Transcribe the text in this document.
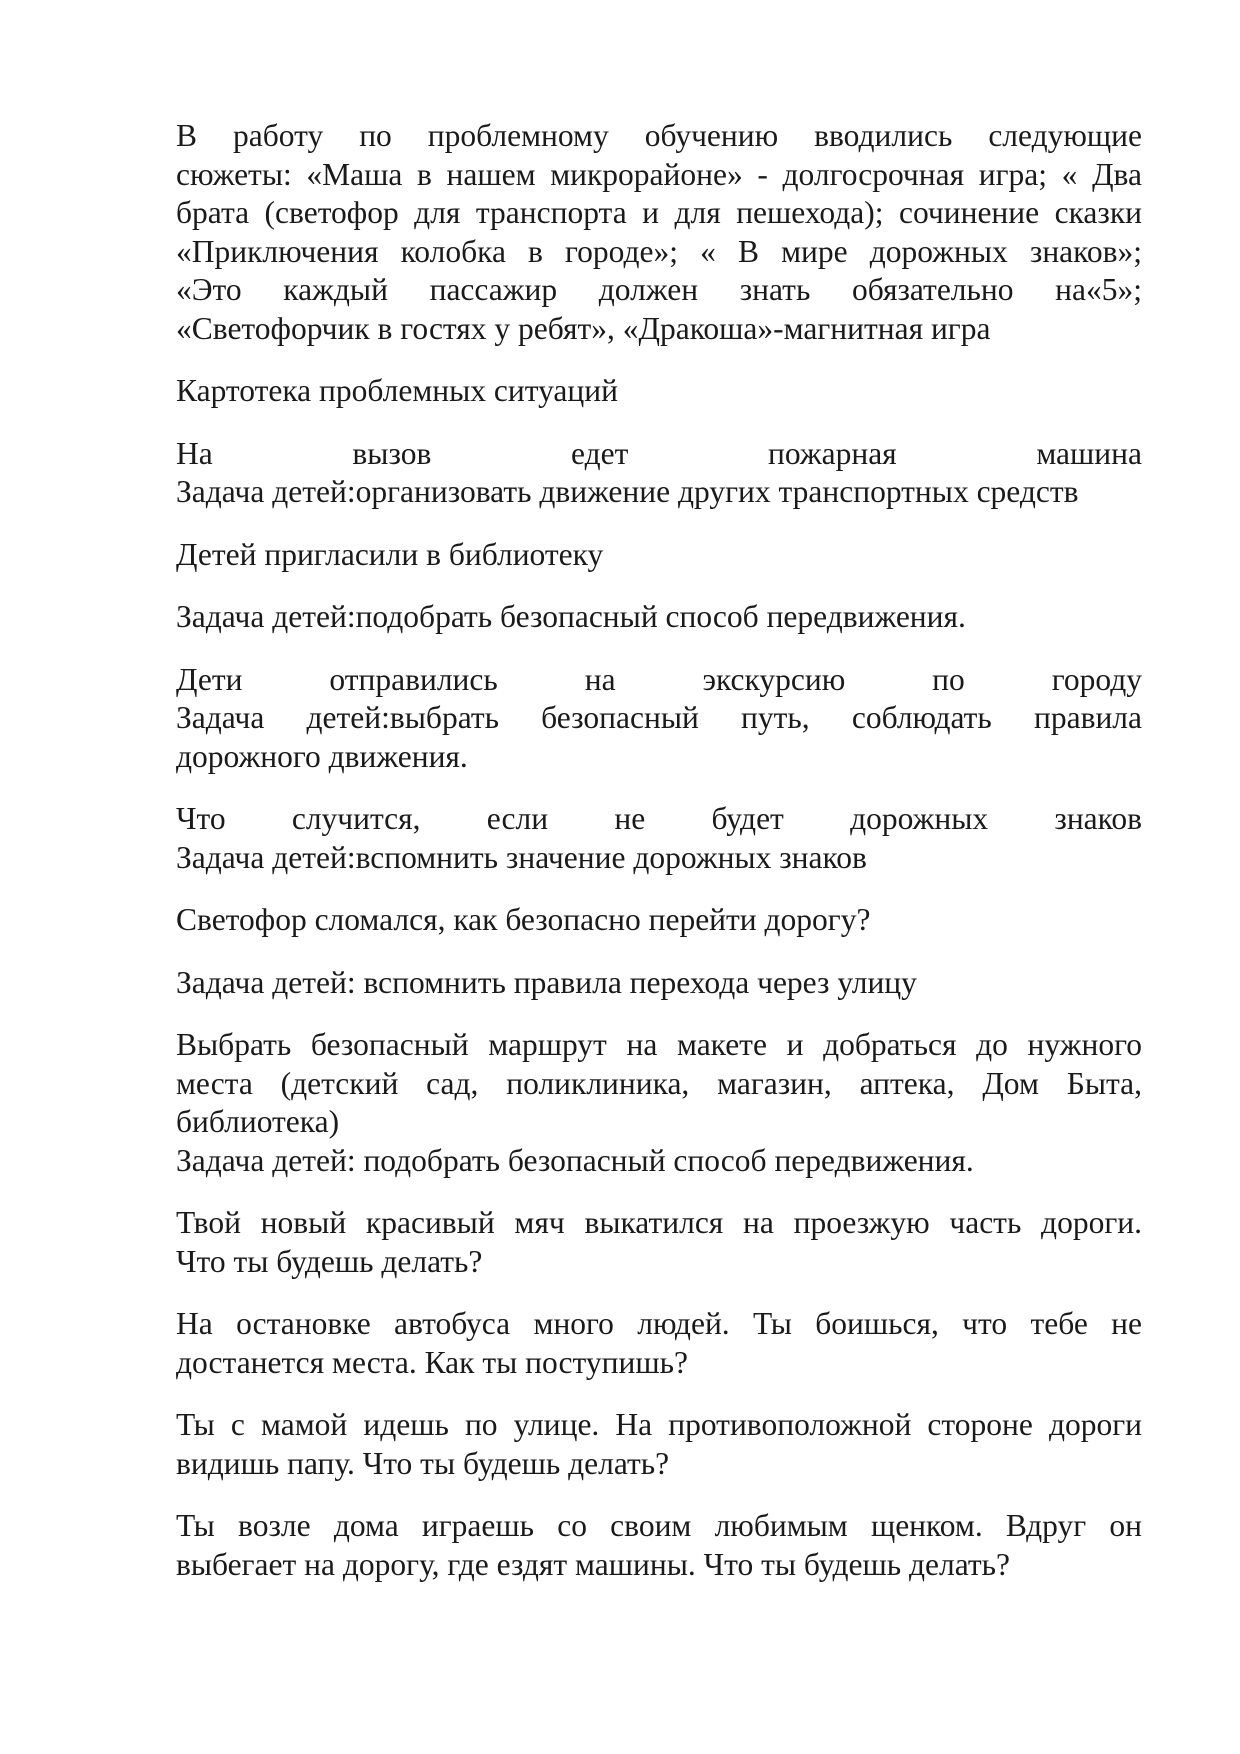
В работу по проблемному обучению вводились следующие
сюжеты: «Маша в нашем микрорайоне» - долгосрочная игра; « Два
брата (светофор для транспорта и для пешехода); сочинение сказки
«Приключения колобка в городе»; « В мире дорожных знаков»;
«Это каждый пассажир должен знать обязательно на«5»;
«Светофорчик в гостях у ребят», «Дракоша»-магнитная игра

Картотека проблемных ситуаций

На вызов едет пожарная машина
Задача детей:организовать движение других транспортных средств

Детей пригласили в библиотеку

Задача детей:подобрать безопасный способ передвижения.

Дети отправились на экскурсию по городу
Задача детей:выбрать безопасный путь, соблюдать правила
дорожного движения.

Что случится, если не будет дорожных знаков
Задача детей:вспомнить значение дорожных знаков

Светофор сломался, как безопасно перейти дорогу?

Задача детей: вспомнить правила перехода через улицу

Выбрать безопасный маршрут на макете и добраться до нужного
места (детский сад, поликлиника, магазин, аптека, Дом Быта,
библиотека)
Задача детей: подобрать безопасный способ передвижения.

Твой новый красивый мяч выкатился на проезжую часть дороги.
Что ты будешь делать?

На остановке автобуса много людей. Ты боишься, что тебе не
достанется места. Как ты поступишь?

Ты с мамой идешь по улице. На противоположной стороне дороги
видишь папу. Что ты будешь делать?

Ты возле дома играешь со своим любимым щенком. Вдруг он
выбегает на дорогу, где ездят машины. Что ты будешь делать?
